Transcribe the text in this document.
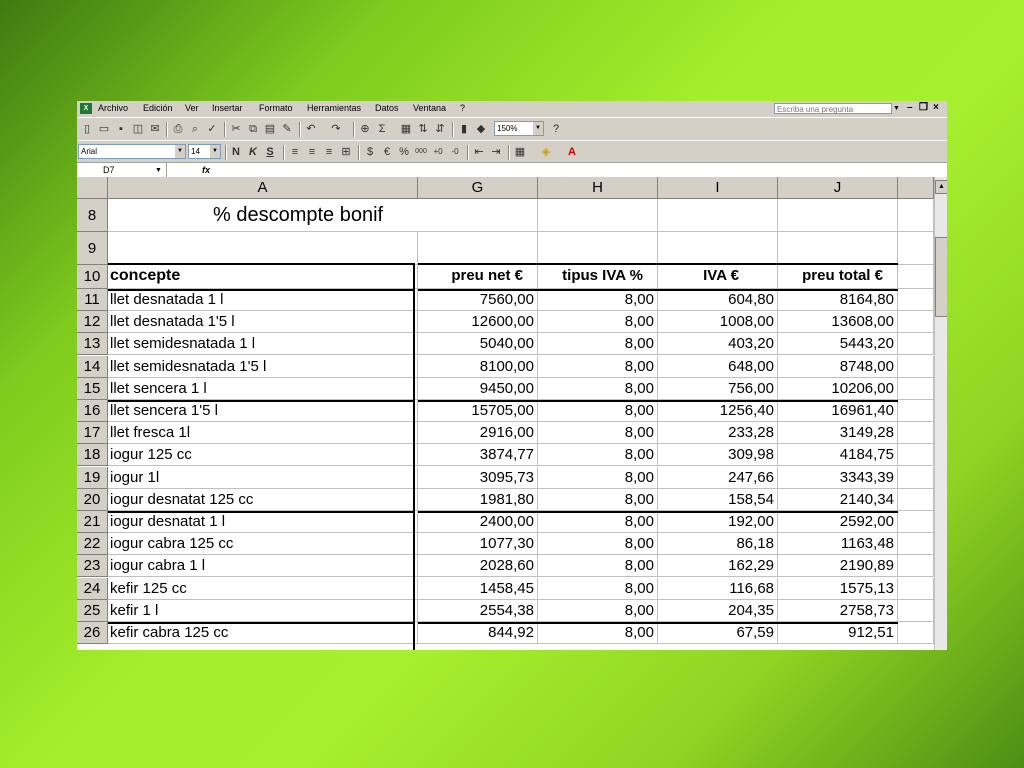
X	Archivo Edición Ver Insertar Formato Herramientas Datos Ventana ?	Escriba una pregunta	▼ – ❐ ×
▯ ▭ ▪ ◫ ✉ ⎙ ⌕ ✓ ✂ ⧉ ▤ ✎ ↶ ↷ ⊕ Σ	▦ ⇅ ⇵	▮ ◆	150%	▼	?
Arial	▼	14	▼ N K S	≡ ≡ ≡ ⊞	$ € % 000 +0	-0	⇤ ⇥ ▦ ◈ A
D7	▼	fx
A	G	H	I	J
8	% descompte bonif
9
10 concepte	preu net €	tipus IVA %	IVA €	preu total €
11 llet desnatada 1 l	7560,00	8,00	604,80	8164,80
12 llet desnatada 1'5 l	12600,00	8,00	1008,00	13608,00
13 llet semidesnatada 1 l	5040,00	8,00	403,20	5443,20
14 llet semidesnatada 1'5 l	8100,00	8,00	648,00	8748,00
15 llet sencera 1 l	9450,00	8,00	756,00	10206,00
16 llet sencera 1'5 l	15705,00	8,00	1256,40	16961,40
17 llet fresca 1l	2916,00	8,00	233,28	3149,28
18 iogur 125 cc	3874,77	8,00	309,98	4184,75
19 iogur 1l	3095,73	8,00	247,66	3343,39
20 iogur desnatat 125 cc	1981,80	8,00	158,54	2140,34
21 iogur desnatat 1 l	2400,00	8,00	192,00	2592,00
22 iogur cabra 125 cc	1077,30	8,00	86,18	1163,48
23 iogur cabra 1 l	2028,60	8,00	162,29	2190,89
24 kefir 125 cc	1458,45	8,00	116,68	1575,13
25 kefir 1 l	2554,38	8,00	204,35	2758,73
26 kefir cabra 125 cc	844,92	8,00	67,59	912,51
▲
